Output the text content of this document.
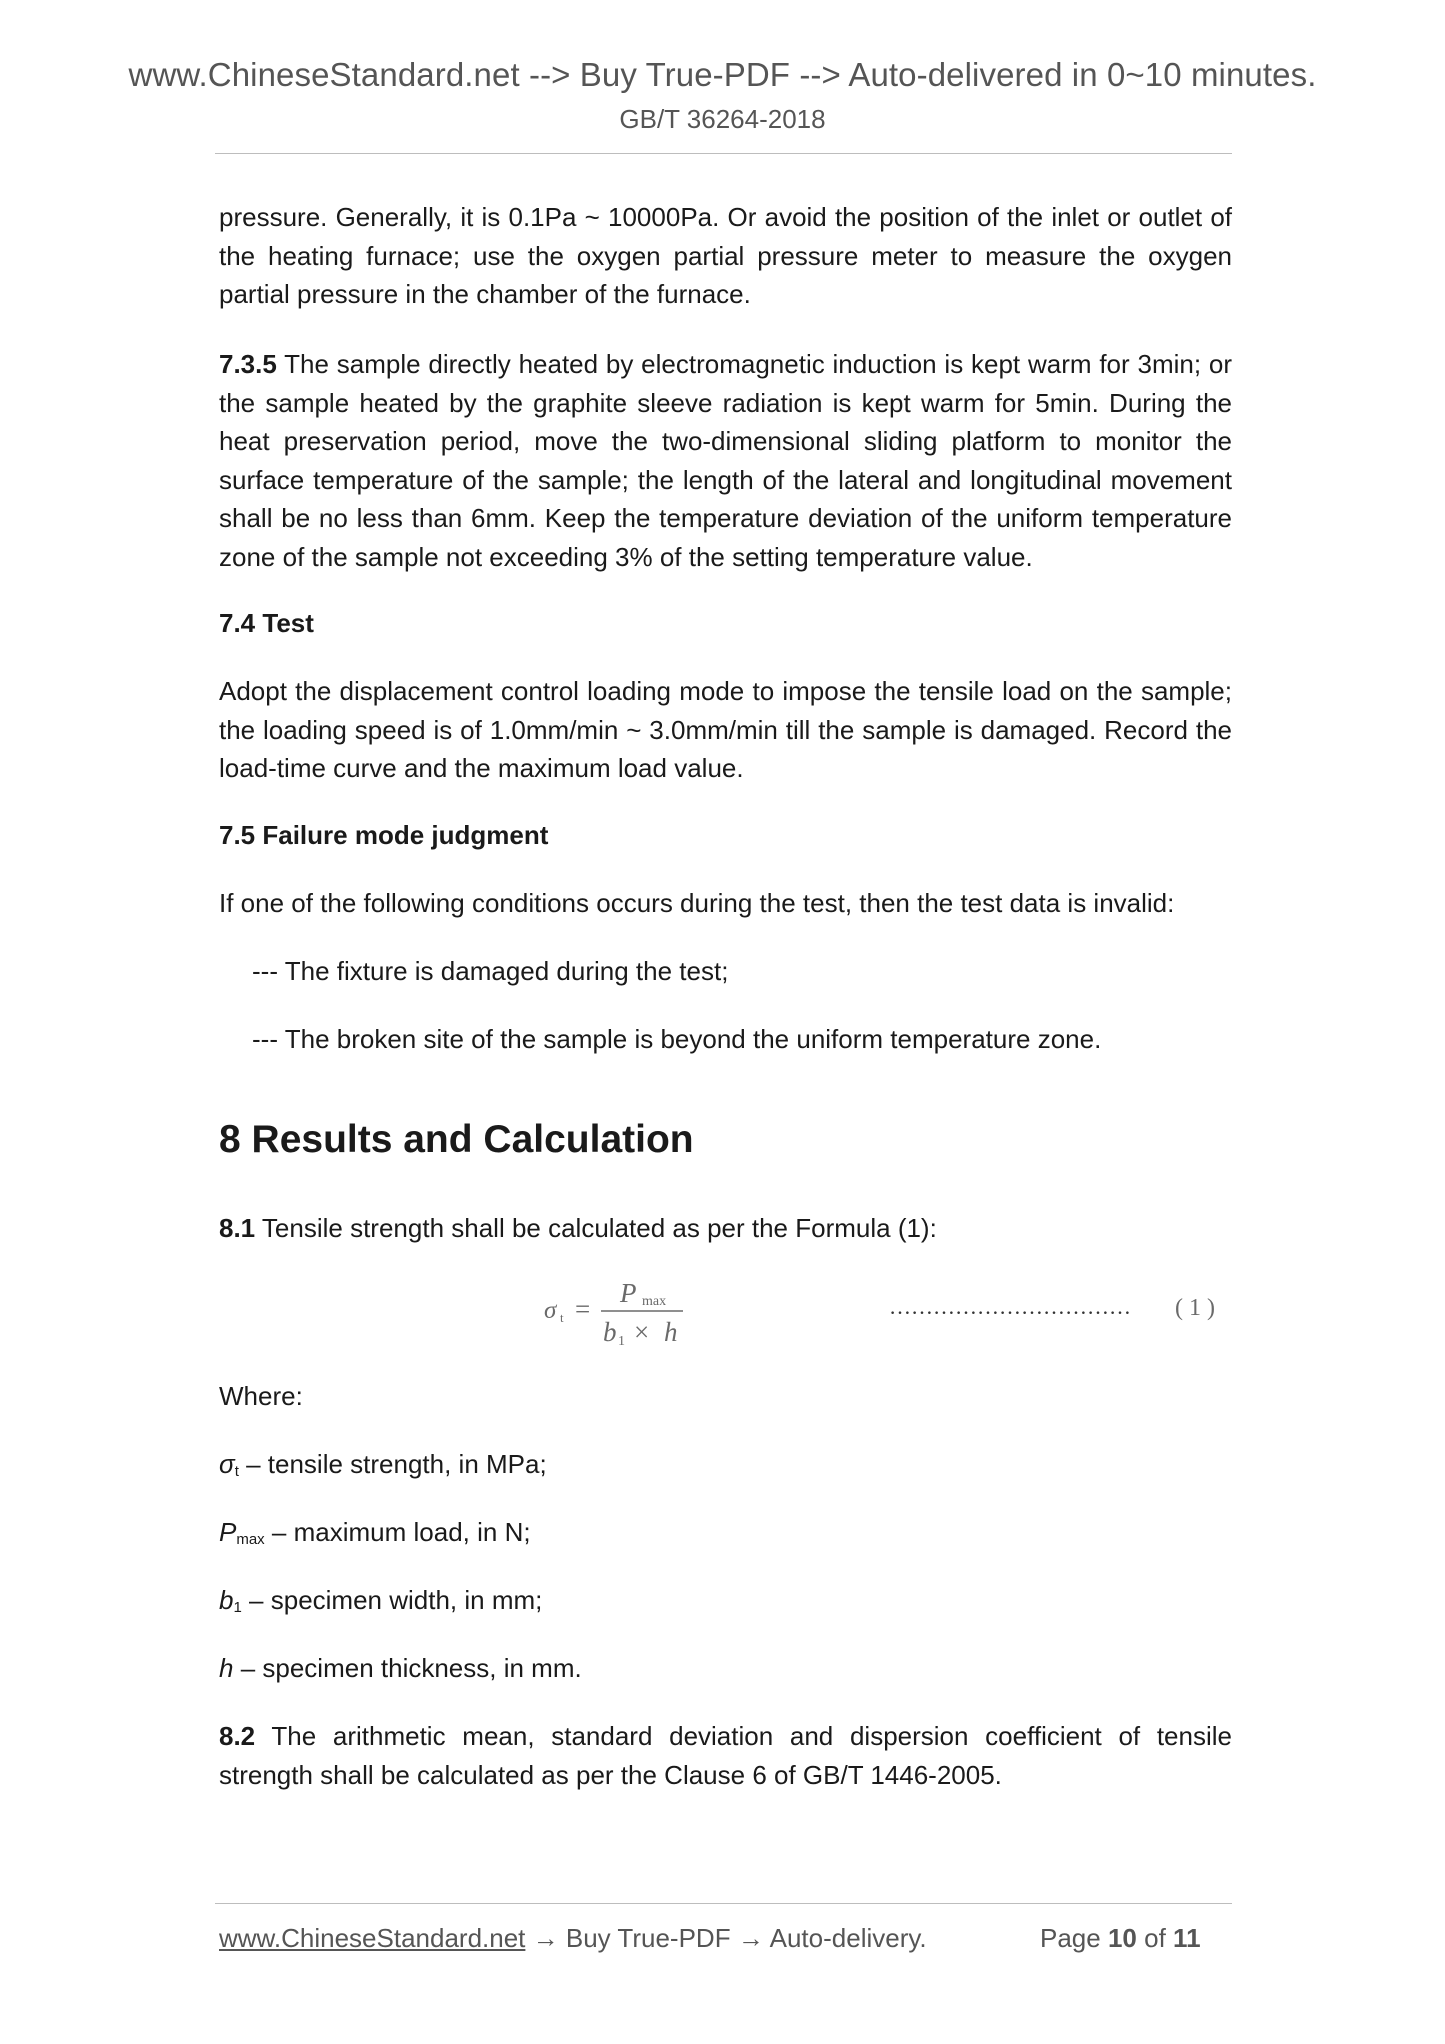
www.ChineseStandard.net --> Buy True-PDF --> Auto-delivered in 0~10 minutes.
GB/T 36264-2018

pressure. Generally, it is 0.1Pa ~ 10000Pa. Or avoid the position of the inlet or outlet of the heating furnace; use the oxygen partial pressure meter to measure the oxygen partial pressure in the chamber of the furnace.

7.3.5 The sample directly heated by electromagnetic induction is kept warm for 3min; or the sample heated by the graphite sleeve radiation is kept warm for 5min. During the heat preservation period, move the two-dimensional sliding platform to monitor the surface temperature of the sample; the length of the lateral and longitudinal movement shall be no less than 6mm. Keep the temperature deviation of the uniform temperature zone of the sample not exceeding 3% of the setting temperature value.

7.4 Test

Adopt the displacement control loading mode to impose the tensile load on the sample; the loading speed is of 1.0mm/min ~ 3.0mm/min till the sample is damaged. Record the load-time curve and the maximum load value.

7.5 Failure mode judgment

If one of the following conditions occurs during the test, then the test data is invalid:

--- The fixture is damaged during the test;
--- The broken site of the sample is beyond the uniform temperature zone.

8 Results and Calculation

8.1 Tensile strength shall be calculated as per the Formula (1):

σ t =
P max
b 1 × h
…………………………… ( 1 )
Where:
$\sigma_t$ – tensile strength, in MPa;
$P_{max}$ – maximum load, in N;
$b_1$ – specimen width, in mm;
h – specimen thickness, in mm.

8.2 The arithmetic mean, standard deviation and dispersion coefficient of tensile strength shall be calculated as per the Clause 6 of GB/T 1446-2005.

www.ChineseStandard.net → Buy True-PDF → Auto-delivery.	Page 10 of 11
